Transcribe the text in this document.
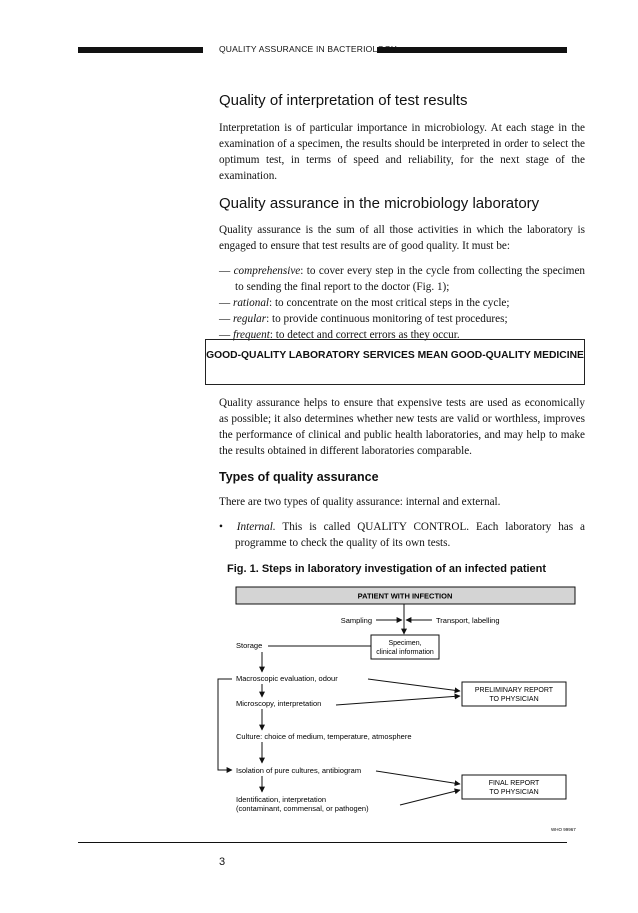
QUALITY ASSURANCE IN BACTERIOLOGY
Quality of interpretation of test results

Interpretation is of particular importance in microbiology. At each stage in the examination of a specimen, the results should be interpreted in order to select the optimum test, in terms of speed and reliability, for the next stage of the examination.

Quality assurance in the microbiology laboratory

Quality assurance is the sum of all those activities in which the laboratory is engaged to ensure that test results are of good quality. It must be:

— comprehensive: to cover every step in the cycle from collecting the specimen to sending the final report to the doctor (Fig. 1);

— rational: to concentrate on the most critical steps in the cycle;

— regular: to provide continuous monitoring of test procedures;

— frequent: to detect and correct errors as they occur.

GOOD-QUALITY LABORATORY SERVICES MEAN GOOD-QUALITY MEDICINE

Quality assurance helps to ensure that expensive tests are used as economically as possible; it also determines whether new tests are valid or worthless, improves the performance of clinical and public health laboratories, and may help to make the results obtained in different laboratories comparable.

Types of quality assurance

There are two types of quality assurance: internal and external.

• Internal. This is called QUALITY CONTROL. Each laboratory has a programme to check the quality of its own tests.

Fig. 1. Steps in laboratory investigation of an infected patient
PATIENT WITH INFECTION
Sampling	Transport, labelling
Specimen,
clinical information
Storage
Macroscopic evaluation, odour
Microscopy, interpretation
Culture: choice of medium, temperature, atmosphere
Isolation of pure cultures, antibiogram
Identification, interpretation
(contaminant, commensal, or pathogen)
PRELIMINARY REPORT
TO PHYSICIAN
FINAL REPORT
TO PHYSICIAN
WHO 99967
3
